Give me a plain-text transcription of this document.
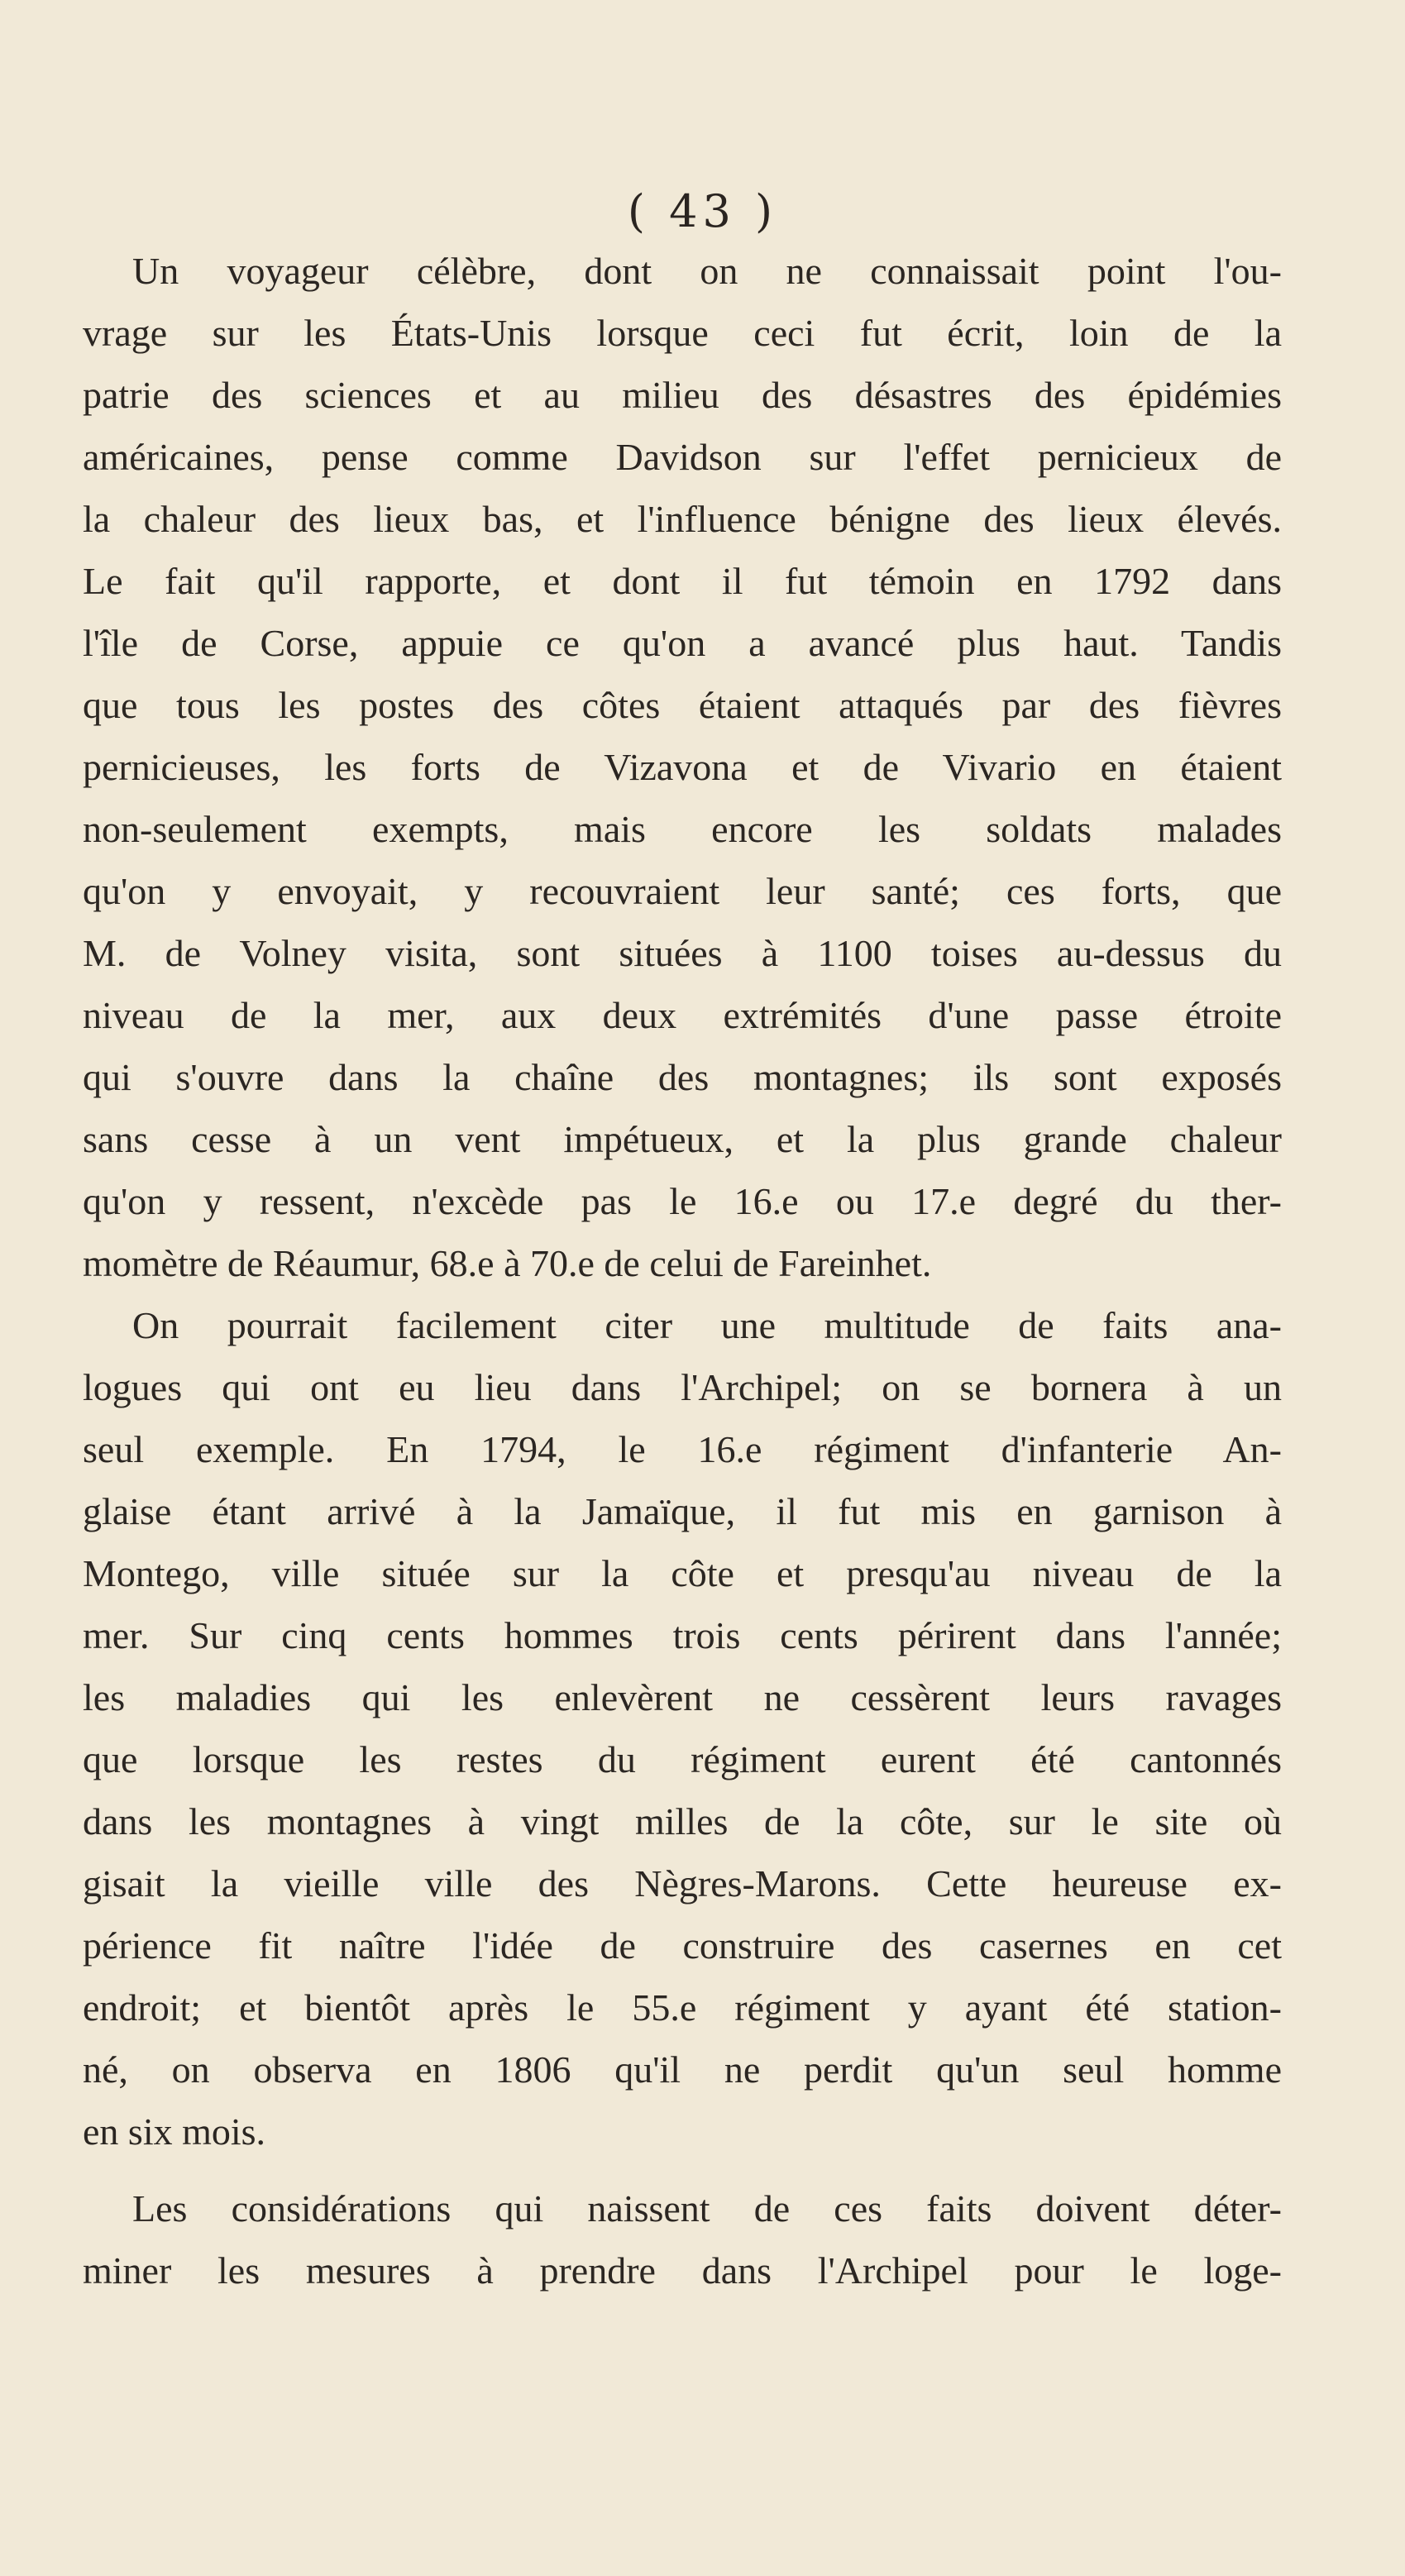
( 43 )
Un voyageur célèbre, dont on ne connaissait point l'ou-
vrage sur les États-Unis lorsque ceci fut écrit, loin de la
patrie des sciences et au milieu des désastres des épidémies
américaines, pense comme Davidson sur l'effet pernicieux de
la chaleur des lieux bas, et l'influence bénigne des lieux élevés.
Le fait qu'il rapporte, et dont il fut témoin en 1792 dans
l'île de Corse, appuie ce qu'on a avancé plus haut. Tandis
que tous les postes des côtes étaient attaqués par des fièvres
pernicieuses, les forts de Vizavona et de Vivario en étaient
non-seulement exempts, mais encore les soldats malades
qu'on y envoyait, y recouvraient leur santé; ces forts, que
M. de Volney visita, sont situées à 1100 toises au-dessus du
niveau de la mer, aux deux extrémités d'une passe étroite
qui s'ouvre dans la chaîne des montagnes; ils sont exposés
sans cesse à un vent impétueux, et la plus grande chaleur
qu'on y ressent, n'excède pas le 16.e ou 17.e degré du ther-
momètre de Réaumur, 68.e à 70.e de celui de Fareinhet.
On pourrait facilement citer une multitude de faits ana-
logues qui ont eu lieu dans l'Archipel; on se bornera à un
seul exemple. En 1794, le 16.e régiment d'infanterie An-
glaise étant arrivé à la Jamaïque, il fut mis en garnison à
Montego, ville située sur la côte et presqu'au niveau de la
mer. Sur cinq cents hommes trois cents périrent dans l'année;
les maladies qui les enlevèrent ne cessèrent leurs ravages
que lorsque les restes du régiment eurent été cantonnés
dans les montagnes à vingt milles de la côte, sur le site où
gisait la vieille ville des Nègres-Marons. Cette heureuse ex-
périence fit naître l'idée de construire des casernes en cet
endroit; et bientôt après le 55.e régiment y ayant été station-
né, on observa en 1806 qu'il ne perdit qu'un seul homme
en six mois.
Les considérations qui naissent de ces faits doivent déter-
miner les mesures à prendre dans l'Archipel pour le loge-
